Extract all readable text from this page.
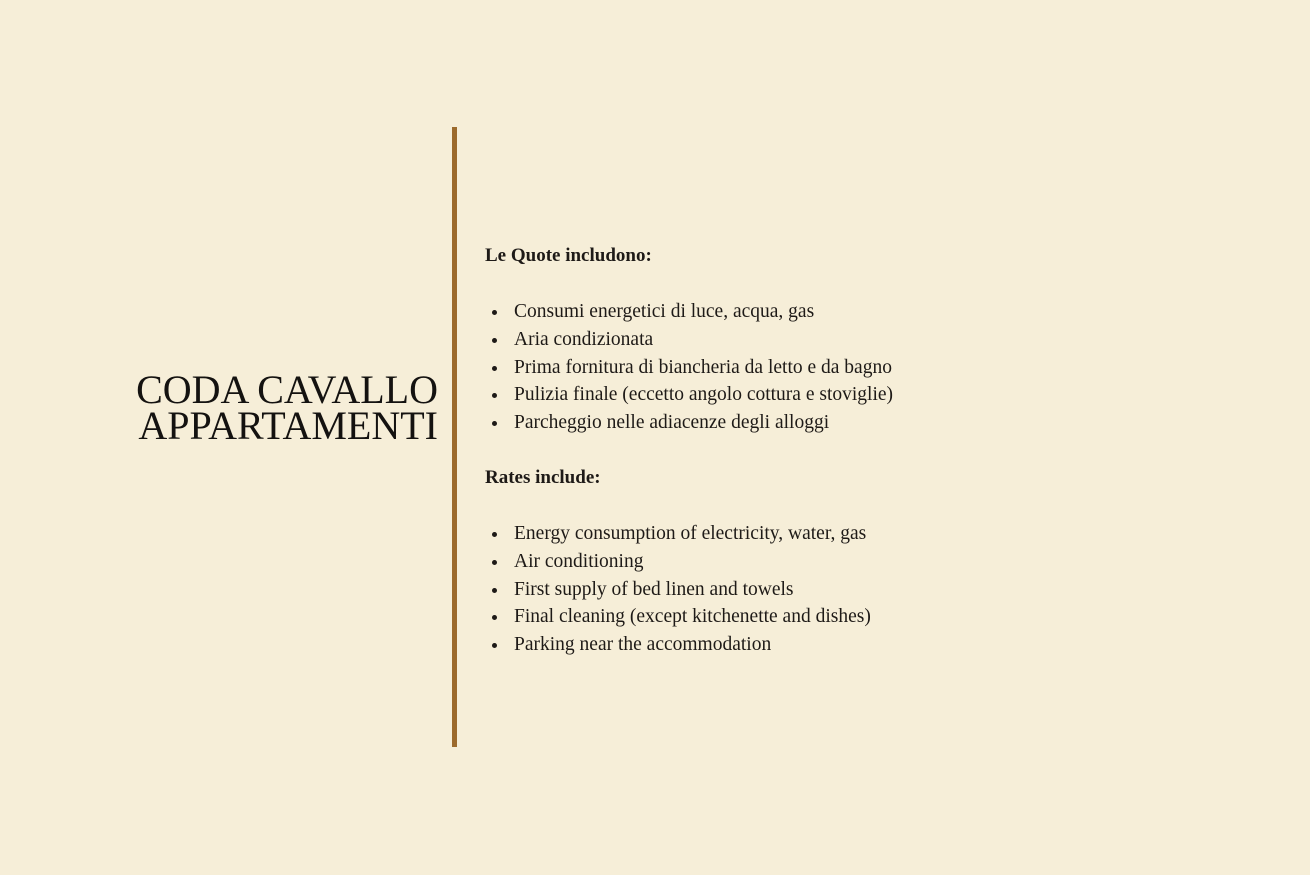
CODA CAVALLO
APPARTAMENTI
Le Quote includono:
Consumi energetici di luce, acqua, gas
Aria condizionata
Prima fornitura di biancheria da letto e da bagno
Pulizia finale (eccetto angolo cottura e stoviglie)
Parcheggio nelle adiacenze degli alloggi
Rates include:
Energy consumption of electricity, water, gas
Air conditioning
First supply of bed linen and towels
Final cleaning (except kitchenette and dishes)
Parking near the accommodation
